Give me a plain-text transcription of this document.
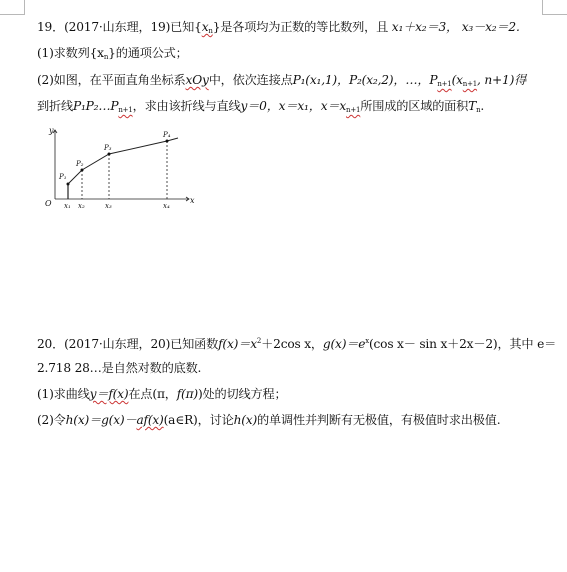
19．(2017·山东理，19)已知$\{x_n\}$是各项均为正数的等比数列，且 x₁＋x₂＝3， x₃－x₂＝2.
(1)求数列$\{x_n\}$的通项公式；
(2)如图，在平面直角坐标系xOy中，依次连接点P₁(x₁,1)，P₂(x₂,2)，…，$P_{n+1}(x_{n+1}$, n+1)得
到折线$P_1P_2\dots P_{n+1}$，求由该折线与直线y＝0，x＝x₁，$x=x_{n+1}$所围成的区域的面积$T_n$.
y
x
O
P₁
P₂
P₃
P₄
x₁ x₂	x₃	x₄
20．(2017·山东理，20)已知函数$f(x)=x^2+2\cos$ x，$g(x)=e^x(\cos$ x－ sin x＋2x－2)，其中 e＝
2.718 28…是自然对数的底数.
(1)求曲线y＝f(x)在点(π，f(π))处的切线方程；
(2)令h(x)＝g(x)－af(x)(a∈R)，讨论h(x)的单调性并判断有无极值，有极值时求出极值.
